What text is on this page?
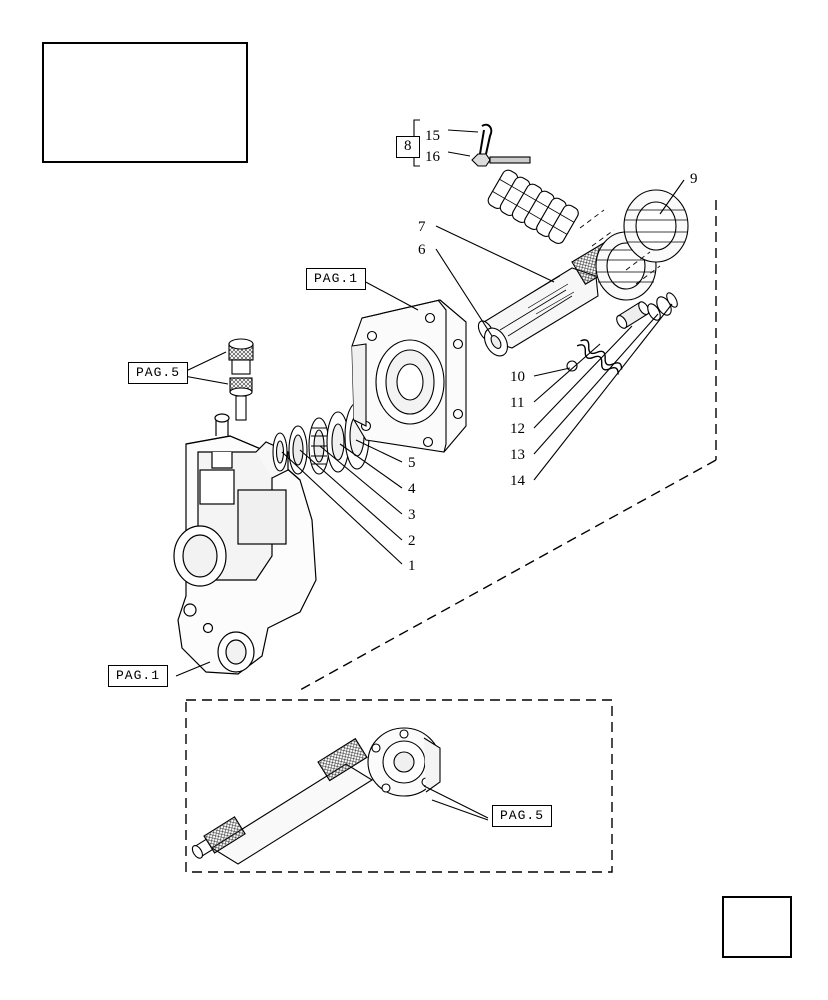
PAG.1
PAG.5
PAG.1
PAG.5
8
15
16
9
7
6
10
11
12
13
14
5
4
3
2
1
